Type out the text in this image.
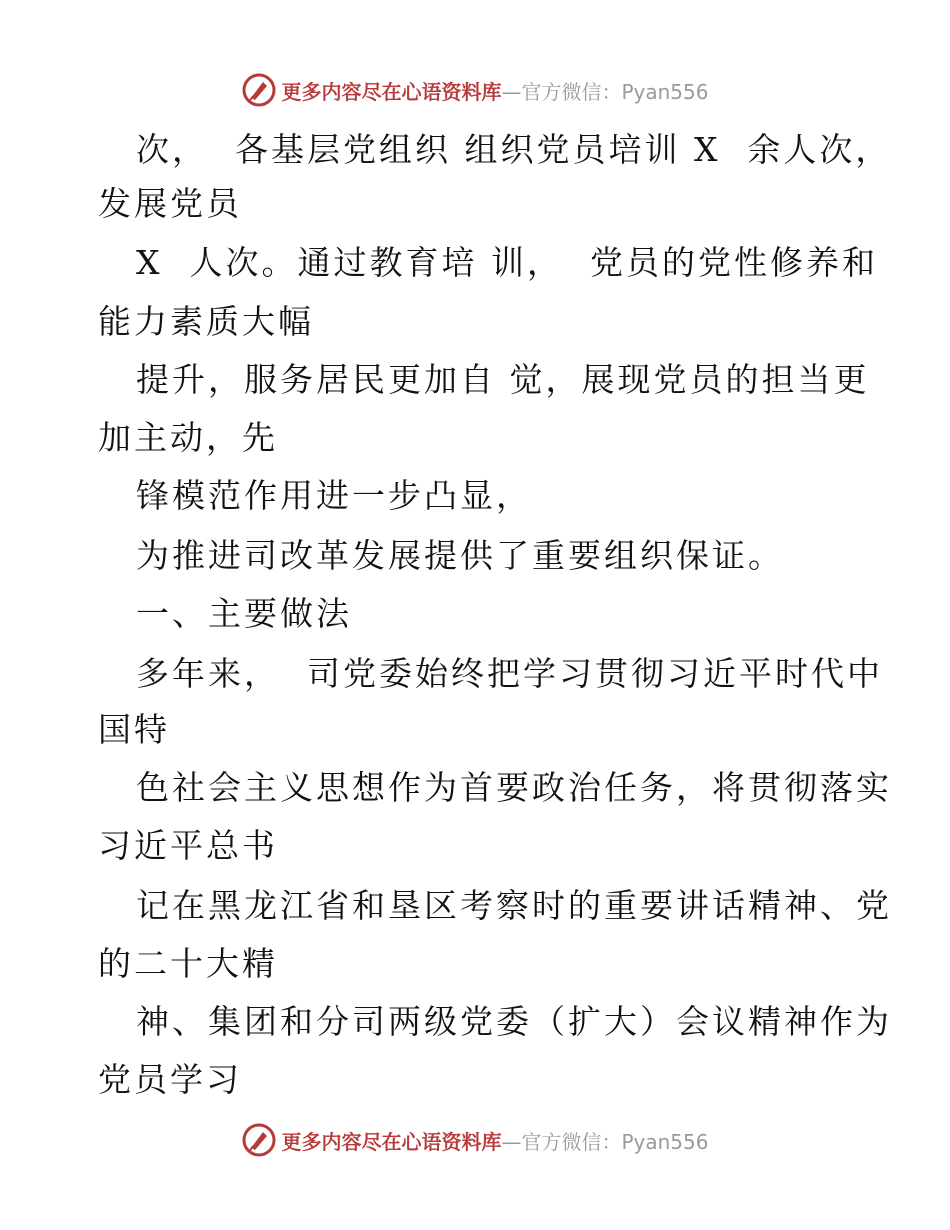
更多内容尽在心语资料库—官方微信：Pyan556
次，  各基层党组织 组织党员培训 X  余人次，
发展党员
X  人次。通过教育培 训，  党员的党性修养和
能力素质大幅
提升，服务居民更加自 觉，展现党员的担当更
加主动，先
锋模范作用进一步凸显，
为推进司改革发展提供了重要组织保证。
一、主要做法
多年来，  司党委始终把学习贯彻习近平时代中
国特
色社会主义思想作为首要政治任务，将贯彻落实
习近平总书
记在黑龙江省和垦区考察时的重要讲话精神、党
的二十大精
神、集团和分司两级党委（扩大）会议精神作为
党员学习
更多内容尽在心语资料库—官方微信：Pyan556
